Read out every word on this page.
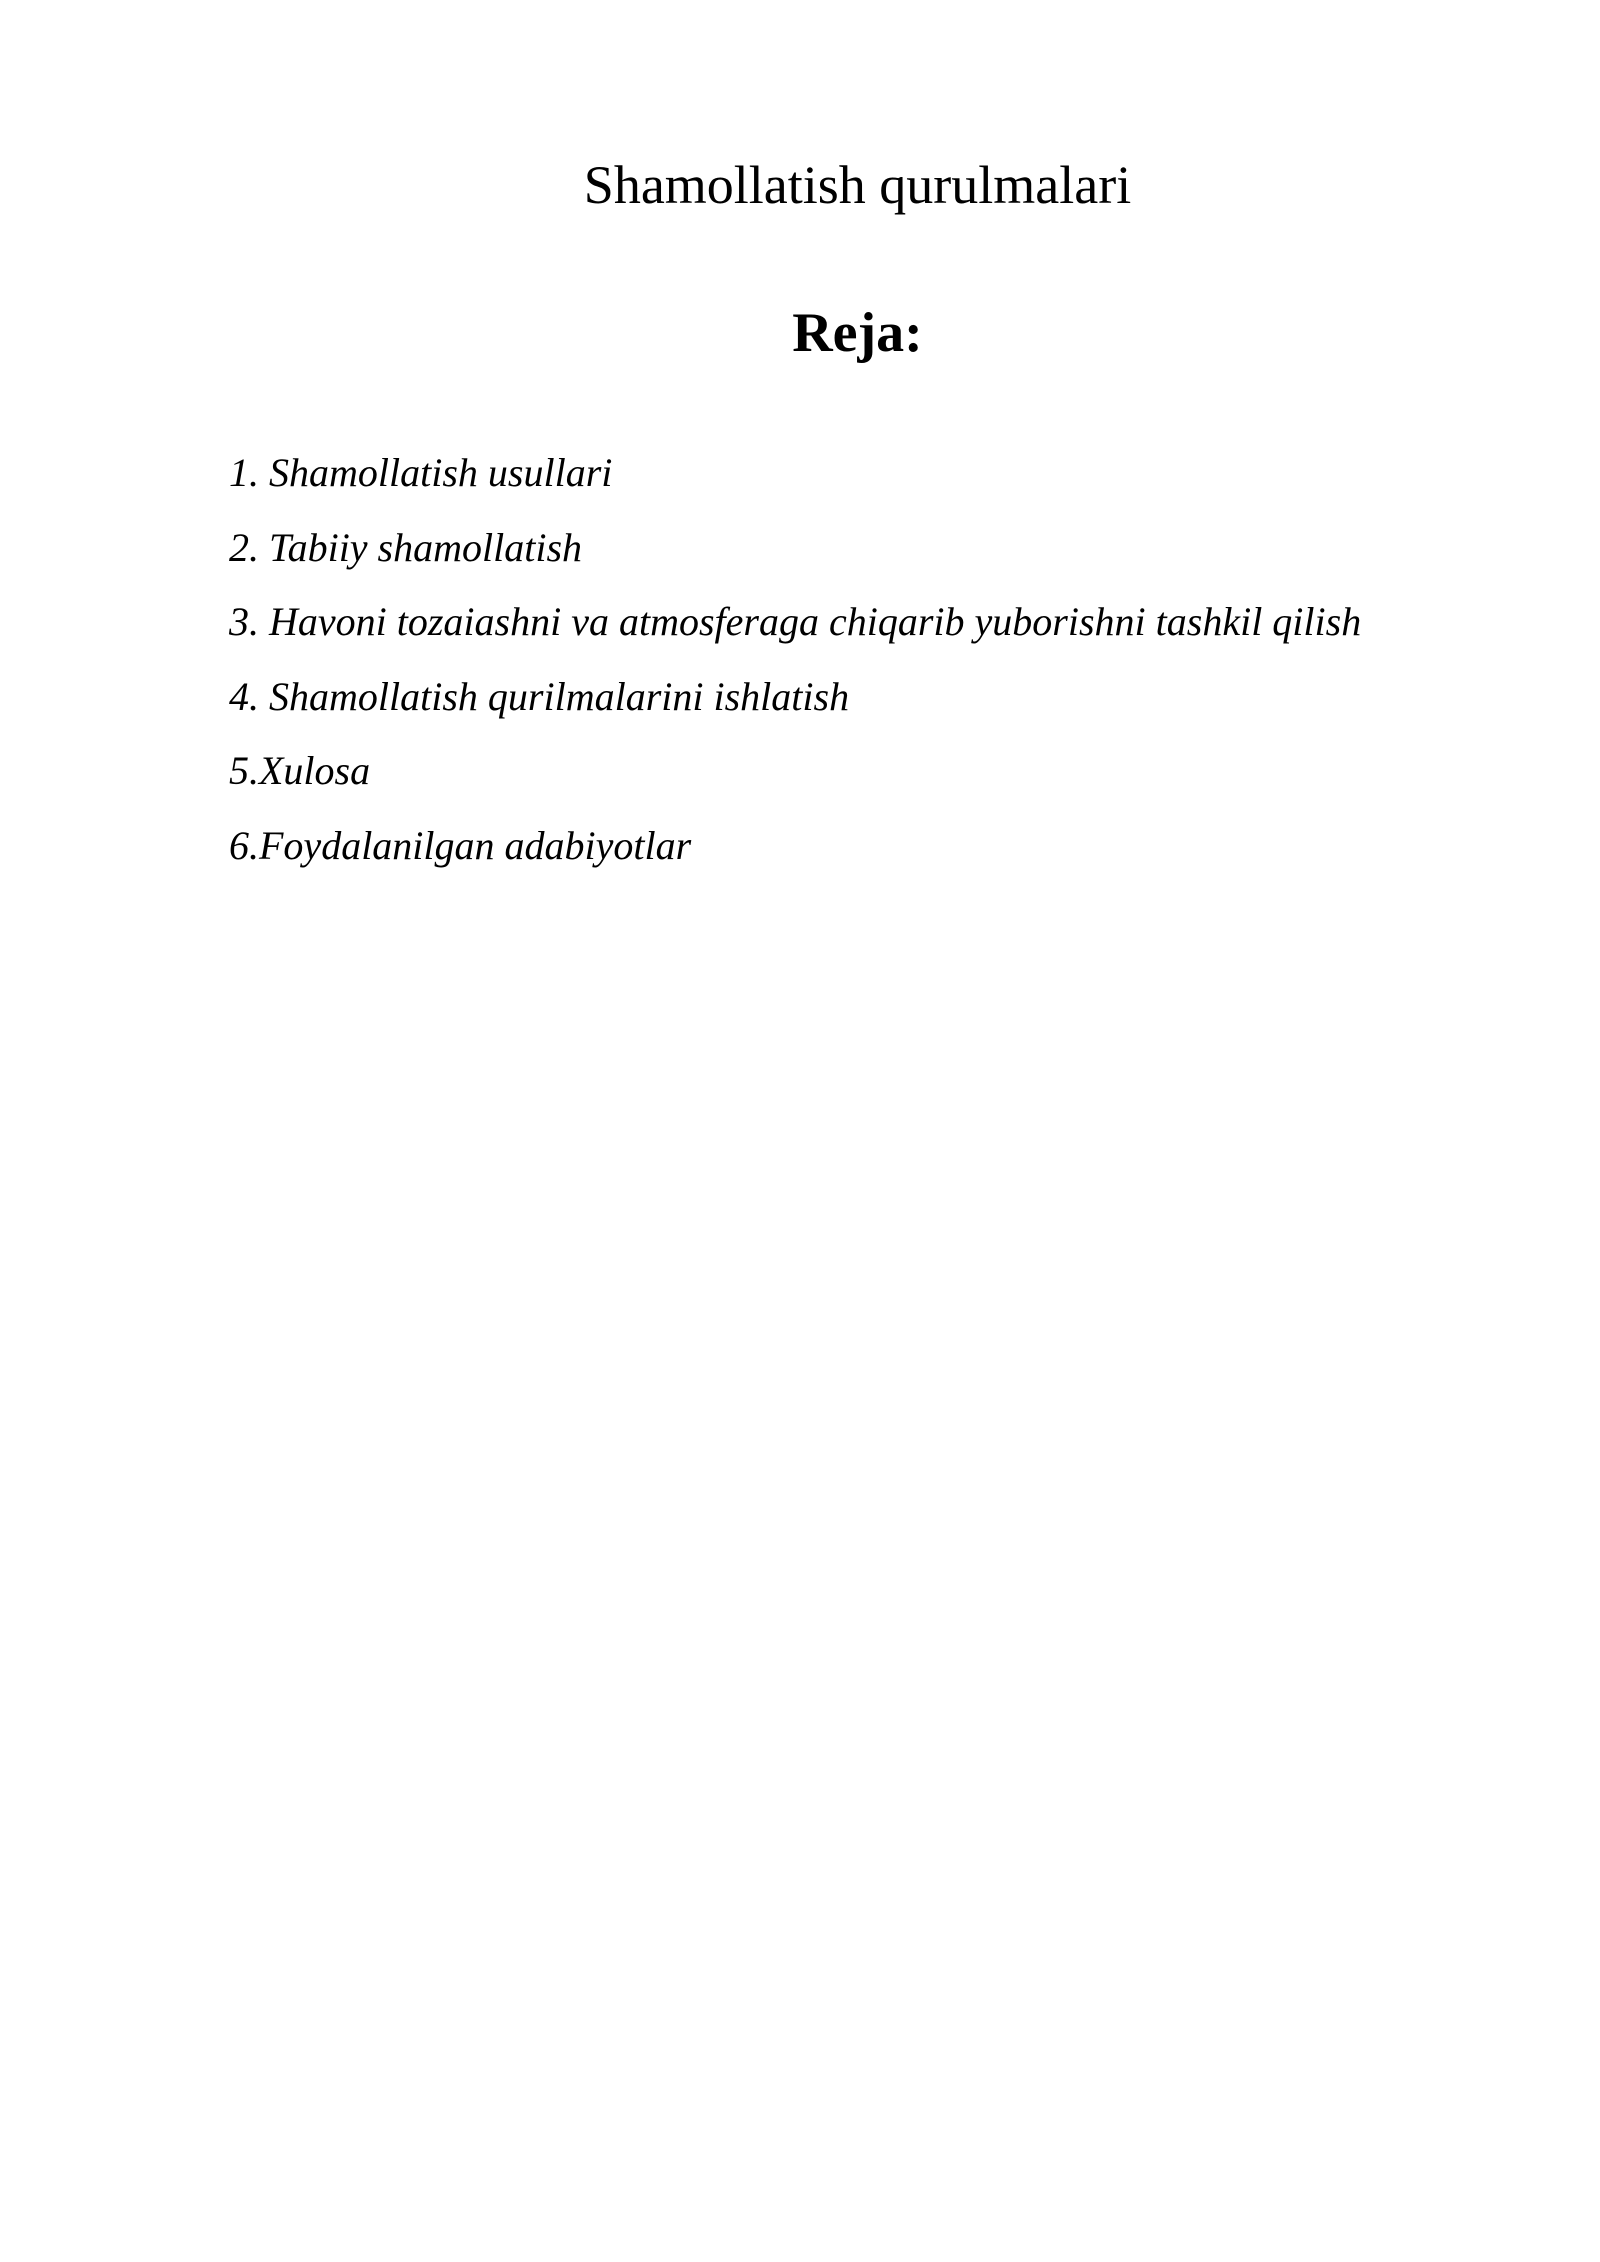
Shamollatish qurulmalari
Reja:
1. Shamollatish usullari
2. Tabiiy shamollatish
3. Havoni tozaiashni va atmosferaga chiqarib yuborishni tashkil qilish
4. Shamollatish qurilmalarini ishlatish
5.Xulosa
6.Foydalanilgan adabiyotlar
